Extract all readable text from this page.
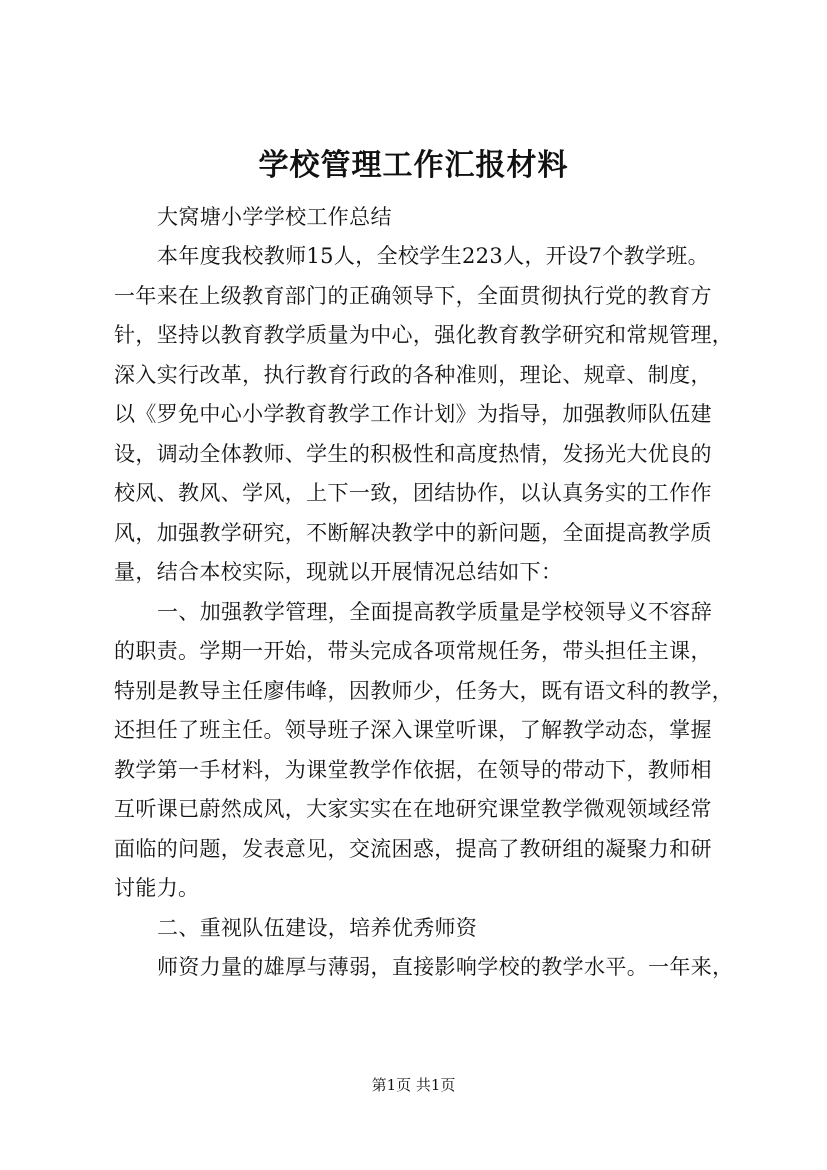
学校管理工作汇报材料
大窝塘小学学校工作总结
本年度我校教师15人，全校学生223人，开设7个教学班。
一年来在上级教育部门的正确领导下，全面贯彻执行党的教育方
针，坚持以教育教学质量为中心，强化教育教学研究和常规管理，
深入实行改革，执行教育行政的各种准则，理论、规章、制度，
以《罗免中心小学教育教学工作计划》为指导，加强教师队伍建
设，调动全体教师、学生的积极性和高度热情，发扬光大优良的
校风、教风、学风，上下一致，团结协作，以认真务实的工作作
风，加强教学研究，不断解决教学中的新问题，全面提高教学质
量，结合本校实际，现就以开展情况总结如下：
一、加强教学管理，全面提高教学质量是学校领导义不容辞
的职责。学期一开始，带头完成各项常规任务，带头担任主课，
特别是教导主任廖伟峰，因教师少，任务大，既有语文科的教学，
还担任了班主任。领导班子深入课堂听课，了解教学动态，掌握
教学第一手材料，为课堂教学作依据，在领导的带动下，教师相
互听课已蔚然成风，大家实实在在地研究课堂教学微观领域经常
面临的问题，发表意见，交流困惑，提高了教研组的凝聚力和研
讨能力。
二、重视队伍建设，培养优秀师资
师资力量的雄厚与薄弱，直接影响学校的教学水平。一年来，
第1页 共1页
